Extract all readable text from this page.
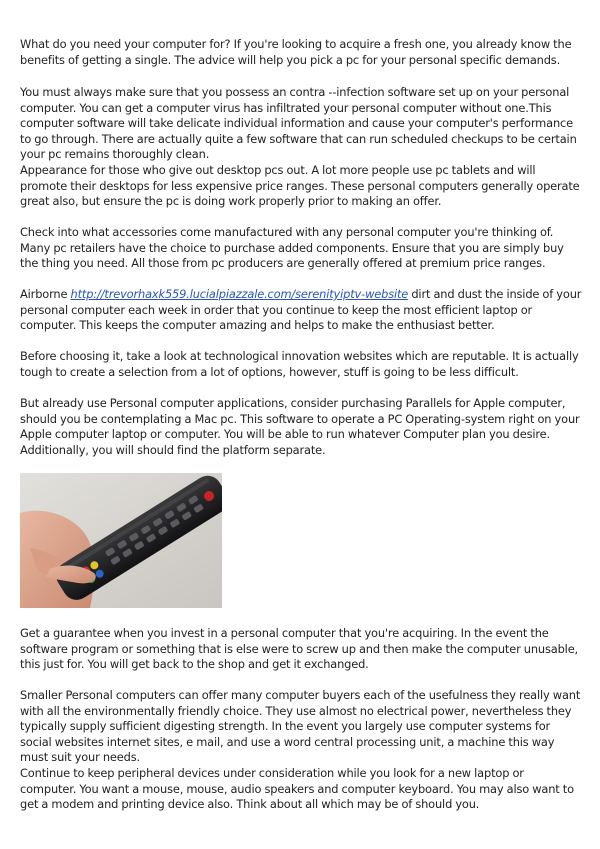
What do you need your computer for? If you're looking to acquire a fresh one, you already know the benefits of getting a single. The advice will help you pick a pc for your personal specific demands.

You must always make sure that you possess an contra --infection software set up on your personal computer. You can get a computer virus has infiltrated your personal computer without one.This computer software will take delicate individual information and cause your computer's performance to go through. There are actually quite a few software that can run scheduled checkups to be certain your pc remains thoroughly clean.

Appearance for those who give out desktop pcs out. A lot more people use pc tablets and will promote their desktops for less expensive price ranges. These personal computers generally operate great also, but ensure the pc is doing work properly prior to making an offer.

Check into what accessories come manufactured with any personal computer you're thinking of. Many pc retailers have the choice to purchase added components. Ensure that you are simply buy the thing you need. All those from pc producers are generally offered at premium price ranges.

Airborne http://trevorhaxk559.lucialpiazzale.com/serenityiptv-website dirt and dust the inside of your personal computer each week in order that you continue to keep the most efficient laptop or computer. This keeps the computer amazing and helps to make the enthusiast better.

Before choosing it, take a look at technological innovation websites which are reputable. It is actually tough to create a selection from a lot of options, however, stuff is going to be less difficult.

But already use Personal computer applications, consider purchasing Parallels for Apple computer, should you be contemplating a Mac pc. This software to operate a PC Operating-system right on your Apple computer laptop or computer. You will be able to run whatever Computer plan you desire. Additionally, you will should find the platform separate.

Get a guarantee when you invest in a personal computer that you're acquiring. In the event the software program or something that is else were to screw up and then make the computer unusable, this just for. You will get back to the shop and get it exchanged.

Smaller Personal computers can offer many computer buyers each of the usefulness they really want with all the environmentally friendly choice. They use almost no electrical power, nevertheless they typically supply sufficient digesting strength. In the event you largely use computer systems for social websites internet sites, e mail, and use a word central processing unit, a machine this way must suit your needs.

Continue to keep peripheral devices under consideration while you look for a new laptop or computer. You want a mouse, mouse, audio speakers and computer keyboard. You may also want to get a modem and printing device also. Think about all which may be of should you.
